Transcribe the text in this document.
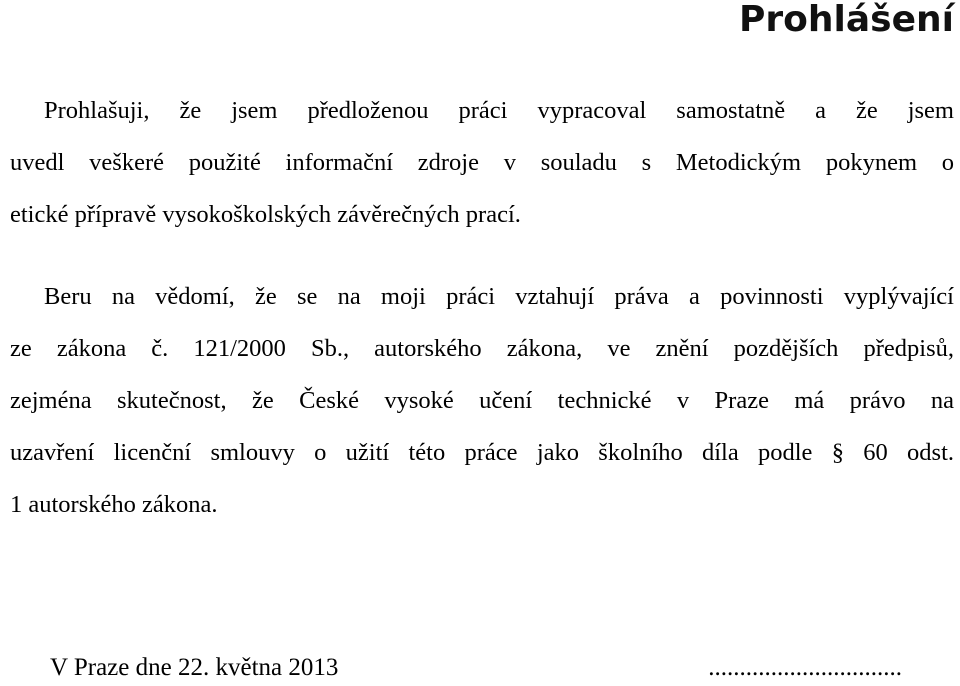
Prohlášení
Prohlašuji, že jsem předloženou práci vypracoval samostatně a že jsem
uvedl veškeré použité informační zdroje v souladu s Metodickým pokynem o
etické přípravě vysokoškolských závěrečných prací.
Beru na vědomí, že se na moji práci vztahují práva a povinnosti vyplývající
ze zákona č. 121/2000 Sb., autorského zákona, ve znění pozdějších předpisů,
zejména skutečnost, že České vysoké učení technické v Praze má právo na
uzavření licenční smlouvy o užití této práce jako školního díla podle § 60 odst.
1 autorského zákona.
V Praze dne 22. května 2013	...............................
